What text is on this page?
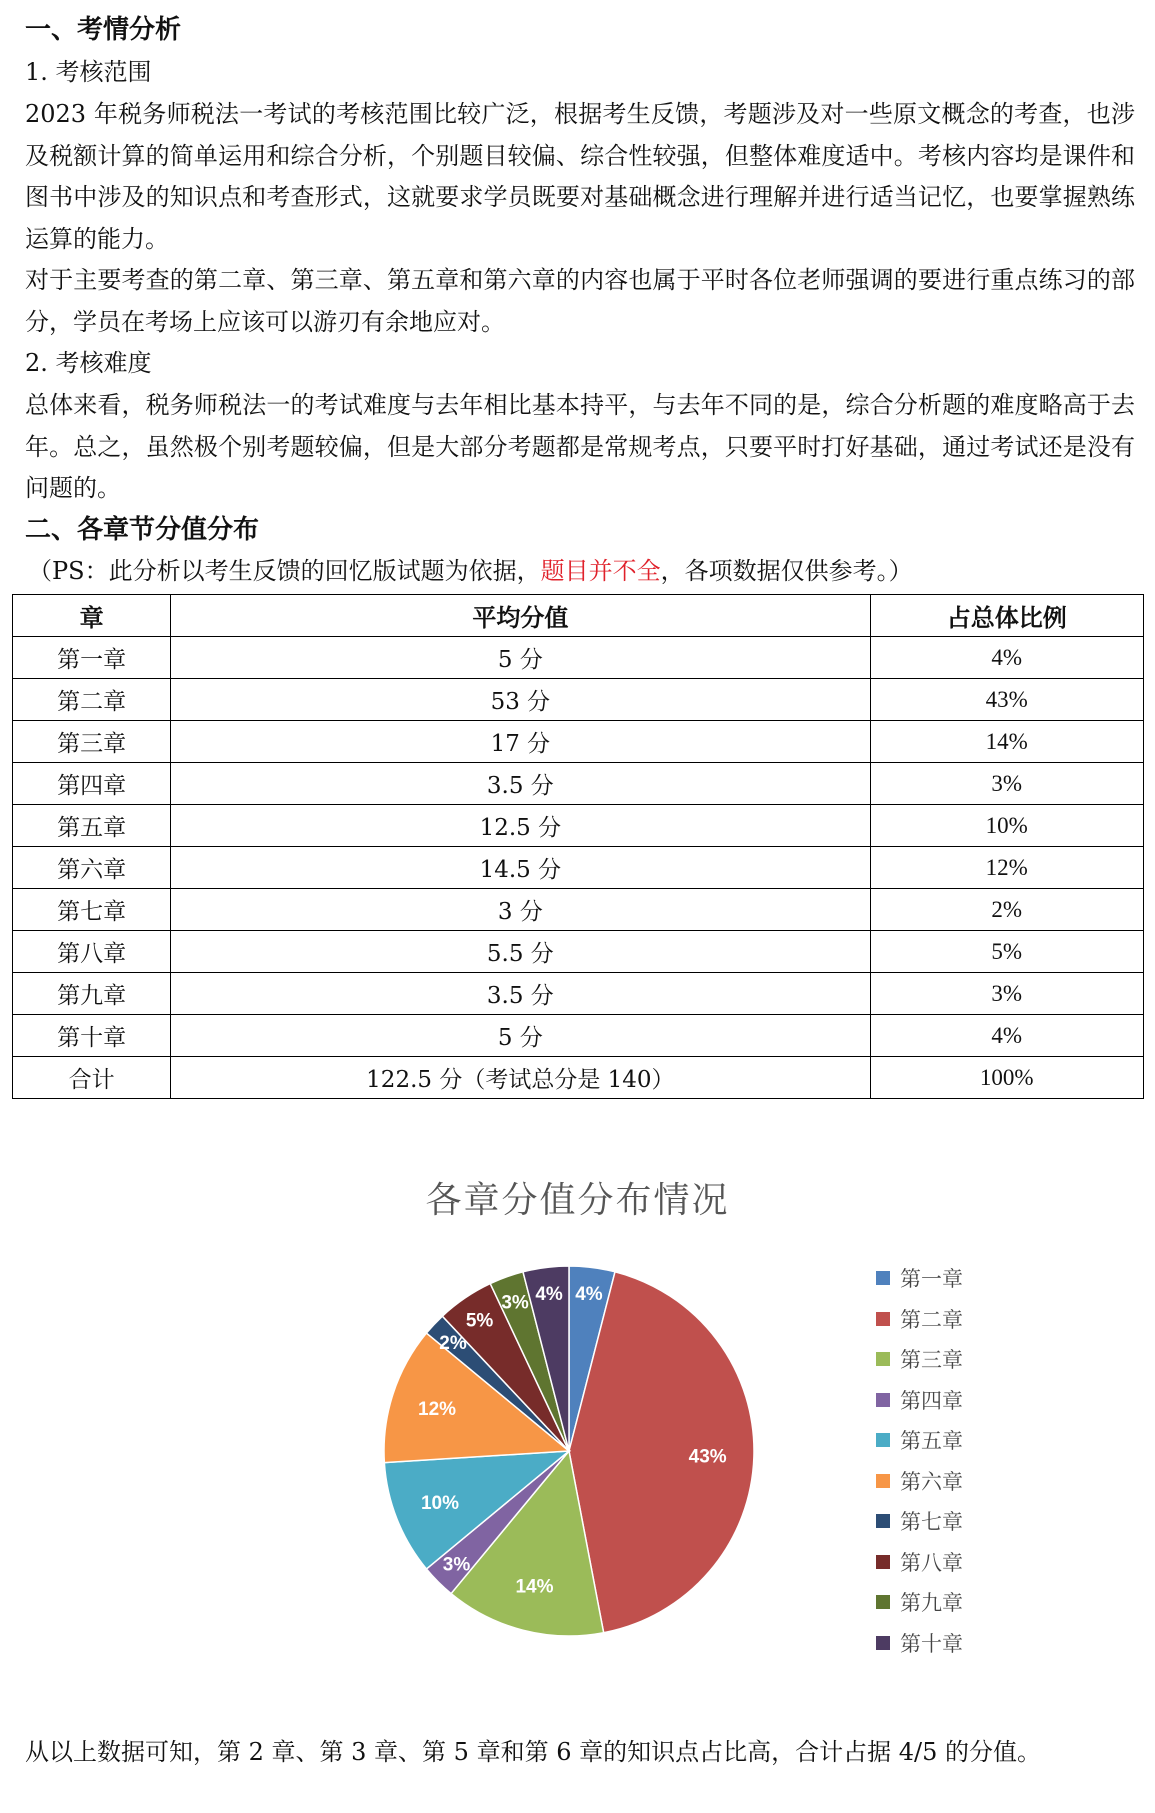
一、考情分析
1. 考核范围
2023 年税务师税法一考试的考核范围比较广泛，根据考生反馈，考题涉及对一些原文概念的考查，也涉及税额计算的简单运用和综合分析，个别题目较偏、综合性较强，但整体难度适中。考核内容均是课件和图书中涉及的知识点和考查形式，这就要求学员既要对基础概念进行理解并进行适当记忆，也要掌握熟练运算的能力。
对于主要考查的第二章、第三章、第五章和第六章的内容也属于平时各位老师强调的要进行重点练习的部分，学员在考场上应该可以游刃有余地应对。
2. 考核难度
总体来看，税务师税法一的考试难度与去年相比基本持平，与去年不同的是，综合分析题的难度略高于去年。总之，虽然极个别考题较偏，但是大部分考题都是常规考点，只要平时打好基础，通过考试还是没有问题的。
二、各章节分值分布
（PS：此分析以考生反馈的回忆版试题为依据，题目并不全，各项数据仅供参考。）
章	平均分值	占总体比例
第一章	5 分	4%
第二章	53 分	43%
第三章	17 分	14%
第四章	3.5 分	3%
第五章	12.5 分	10%
第六章	14.5 分	12%
第七章	3 分	2%
第八章	5.5 分	5%
第九章	3.5 分	3%
第十章	5 分	4%
合计	122.5 分（考试总分是 140）	100%
各章分值分布情况
4%
43%
14%
3%
10%
12%
2%
5%
3% 4%
第一章
第二章
第三章
第四章
第五章
第六章
第七章
第八章
第九章
第十章
从以上数据可知，第 2 章、第 3 章、第 5 章和第 6 章的知识点占比高，合计占据 4/5 的分值。
